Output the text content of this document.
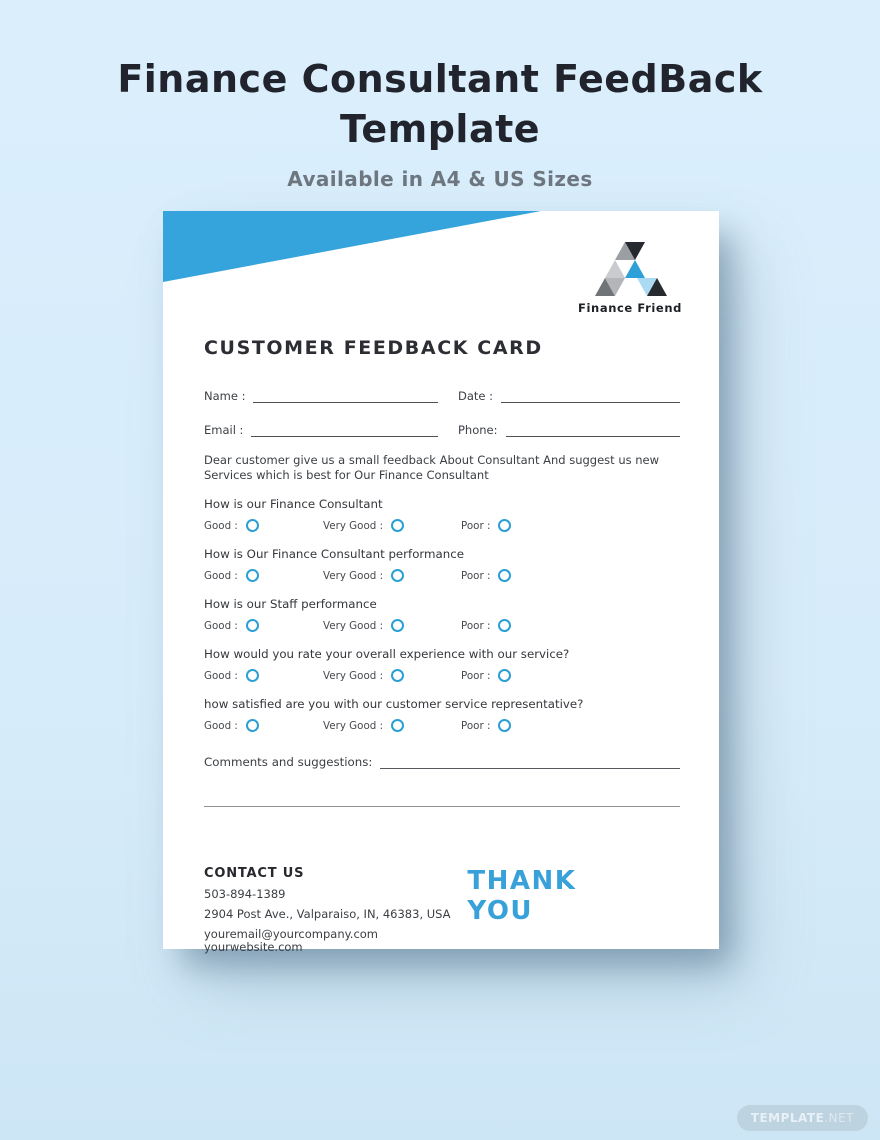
Finance Consultant FeedBack
Template
Available in A4 & US Sizes
Finance Friend
CUSTOMER FEEDBACK CARD
Name :	Date :
Email :	Phone:

Dear customer give us a small feedback About Consultant And suggest us new Services which is best for Our Finance Consultant

How is our Finance Consultant
Good :	Very Good :	Poor :
How is Our Finance Consultant performance
Good :	Very Good :	Poor :
How is our Staff performance
Good :	Very Good :	Poor :
How would you rate your overall experience with our service?
Good :	Very Good :	Poor :
how satisfied are you with our customer service representative?
Good :	Very Good :	Poor :
Comments and suggestions:
CONTACT US
503-894-1389
2904 Post Ave., Valparaiso, IN, 46383, USA
youremail@yourcompany.com yourwebsite.com
THANK YOU
TEMPLATE.NET
